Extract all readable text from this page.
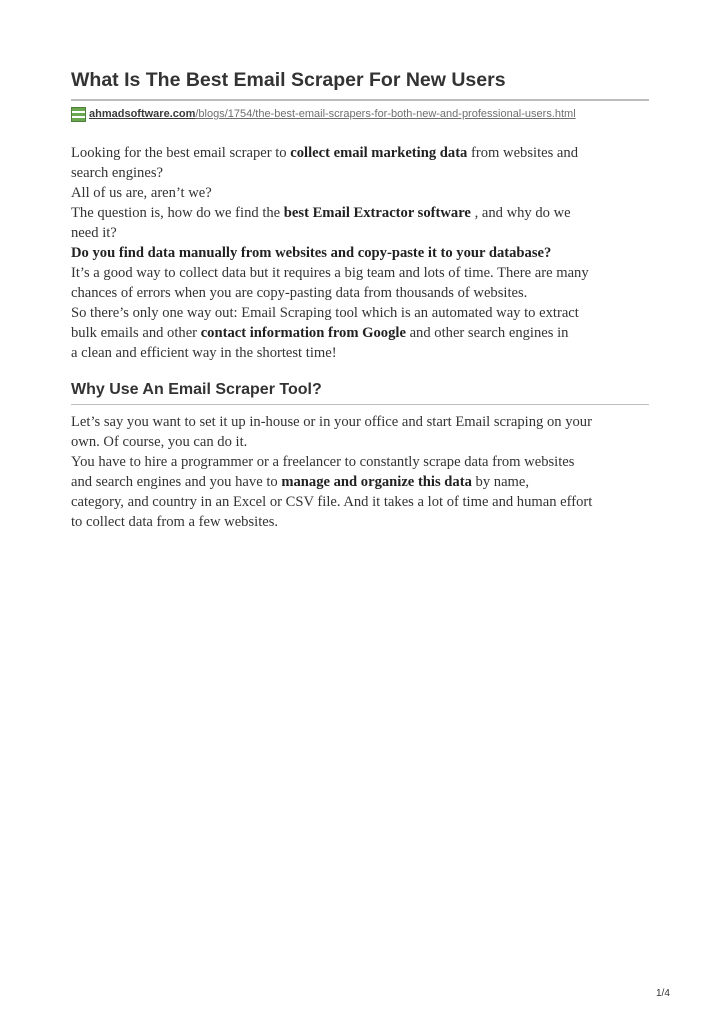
What Is The Best Email Scraper For New Users
ahmadsoftware.com/blogs/1754/the-best-email-scrapers-for-both-new-and-professional-users.html

Looking for the best email scraper to collect email marketing data from websites and
search engines?
All of us are, aren’t we?
The question is, how do we find the best Email Extractor software , and why do we
need it?
Do you find data manually from websites and copy-paste it to your database?
It’s a good way to collect data but it requires a big team and lots of time. There are many
chances of errors when you are copy-pasting data from thousands of websites.
So there’s only one way out: Email Scraping tool which is an automated way to extract
bulk emails and other contact information from Google and other search engines in
a clean and efficient way in the shortest time!

Why Use An Email Scraper Tool?

Let’s say you want to set it up in-house or in your office and start Email scraping on your
own. Of course, you can do it.
You have to hire a programmer or a freelancer to constantly scrape data from websites
and search engines and you have to manage and organize this data by name,
category, and country in an Excel or CSV file. And it takes a lot of time and human effort
to collect data from a few websites.

1/4
